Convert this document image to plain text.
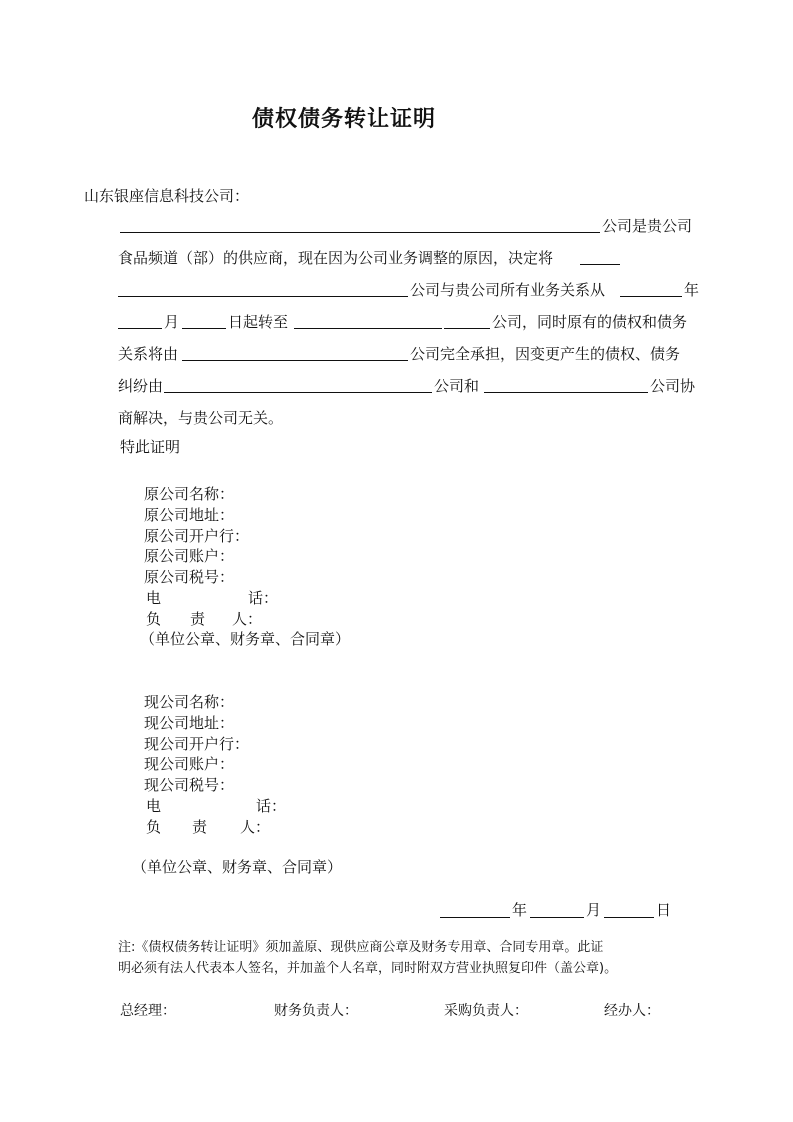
债权债务转让证明
山东银座信息科技公司：
公司是贵公司
食品频道（部）的供应商，现在因为公司业务调整的原因，决定将
公司与贵公司所有业务关系从	年
月	日起转至	公司，同时原有的债权和债务
关系将由	公司完全承担，因变更产生的债权、债务
纠纷由	公司和	公司协
商解决，与贵公司无关。
特此证明
原公司名称：
原公司地址：
原公司开户行：
原公司账户：
原公司税号：
电	话：
负 责 人：
（单位公章、财务章、合同章）
现公司名称：
现公司地址：
现公司开户行：
现公司账户：
现公司税号：
电	话：
负 责 人：
（单位公章、财务章、合同章）
年	月	日
注:《债权债务转让证明》须加盖原、现供应商公章及财务专用章、合同专用章。此证
明必须有法人代表本人签名，并加盖个人名章，同时附双方营业执照复印件（盖公章)。
总经理：	财务负责人：	采购负责人：	经办人：
